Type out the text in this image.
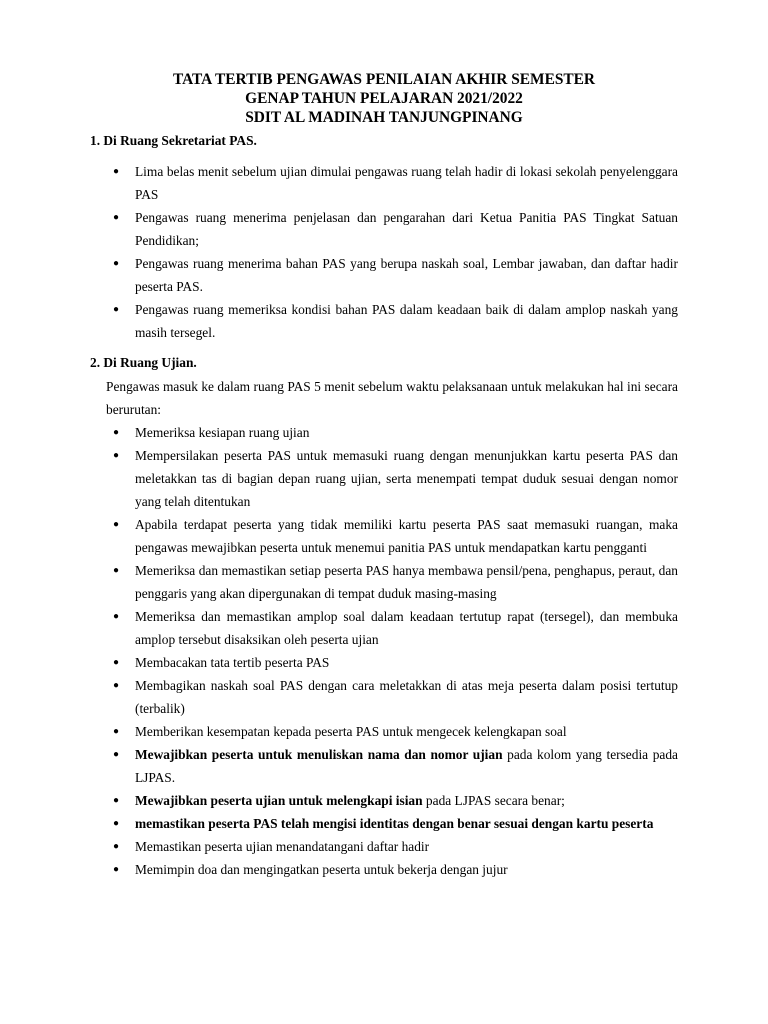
TATA TERTIB PENGAWAS PENILAIAN AKHIR SEMESTER
GENAP TAHUN PELAJARAN 2021/2022
SDIT AL MADINAH TANJUNGPINANG
1. Di Ruang Sekretariat PAS.
● Lima belas menit sebelum ujian dimulai pengawas ruang telah hadir di lokasi sekolah penyelenggara PAS
● Pengawas ruang menerima penjelasan dan pengarahan dari Ketua Panitia PAS Tingkat Satuan Pendidikan;
● Pengawas ruang menerima bahan PAS yang berupa naskah soal, Lembar jawaban, dan daftar hadir peserta PAS.
● Pengawas ruang memeriksa kondisi bahan PAS dalam keadaan baik di dalam amplop naskah yang masih tersegel.
2. Di Ruang Ujian.
Pengawas masuk ke dalam ruang PAS 5 menit sebelum waktu pelaksanaan untuk melakukan hal ini secara berurutan:
● Memeriksa kesiapan ruang ujian
● Mempersilakan peserta PAS untuk memasuki ruang dengan menunjukkan kartu peserta PAS dan meletakkan tas di bagian depan ruang ujian, serta menempati tempat duduk sesuai dengan nomor yang telah ditentukan
● Apabila terdapat peserta yang tidak memiliki kartu peserta PAS saat memasuki ruangan, maka pengawas mewajibkan peserta untuk menemui panitia PAS untuk mendapatkan kartu pengganti
● Memeriksa dan memastikan setiap peserta PAS hanya membawa pensil/pena, penghapus, peraut, dan penggaris yang akan dipergunakan di tempat duduk masing-masing
● Memeriksa dan memastikan amplop soal dalam keadaan tertutup rapat (tersegel), dan membuka amplop tersebut disaksikan oleh peserta ujian
● Membacakan tata tertib peserta PAS
● Membagikan naskah soal PAS dengan cara meletakkan di atas meja peserta dalam posisi tertutup (terbalik)
● Memberikan kesempatan kepada peserta PAS untuk mengecek kelengkapan soal
● Mewajibkan peserta untuk menuliskan nama dan nomor ujian pada kolom yang tersedia pada LJPAS.
● Mewajibkan peserta ujian untuk melengkapi isian pada LJPAS secara benar;
● memastikan peserta PAS telah mengisi identitas dengan benar sesuai dengan kartu peserta
● Memastikan peserta ujian menandatangani daftar hadir
● Memimpin doa dan mengingatkan peserta untuk bekerja dengan jujur
